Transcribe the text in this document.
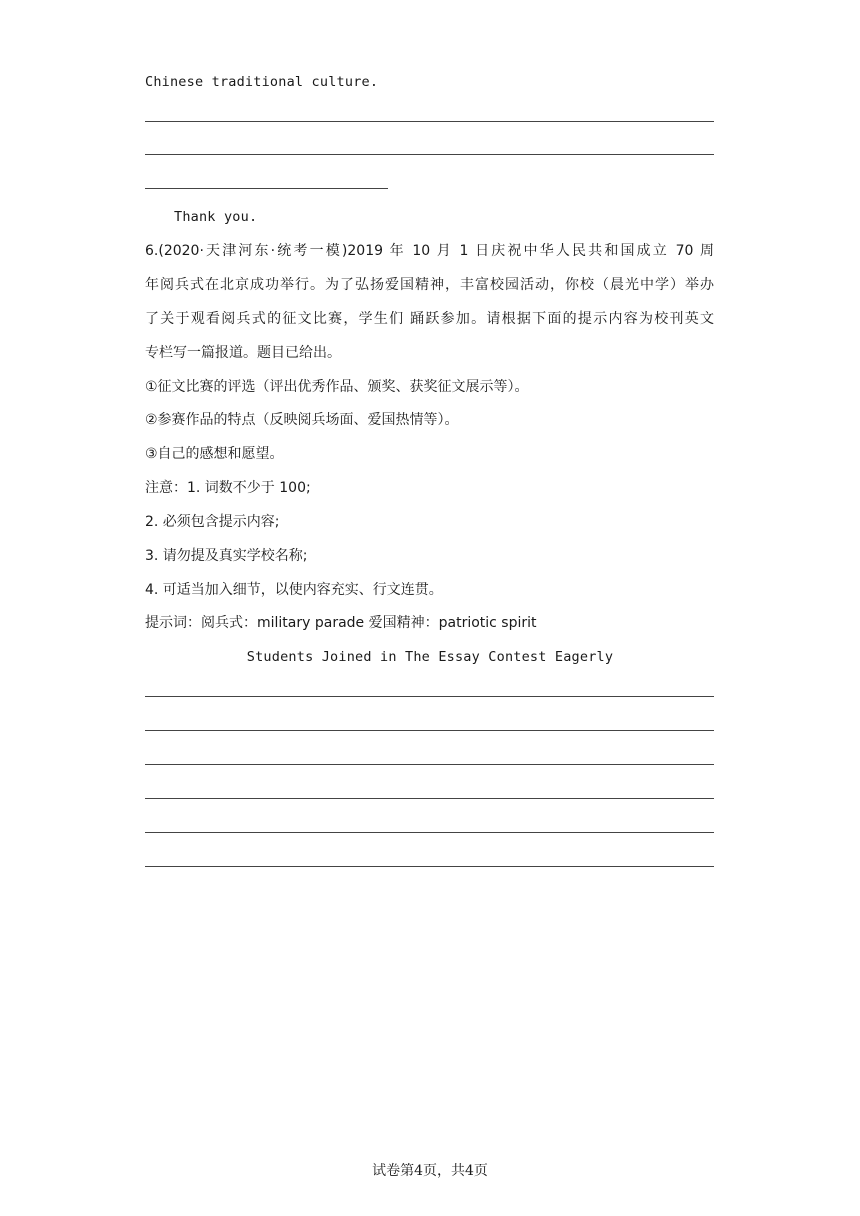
Chinese traditional culture.
Thank you.
6.(2020·天津河东·统考一模)2019 年 10 月 1 日庆祝中华人民共和国成立 70 周
年阅兵式在北京成功举行。为了弘扬爱国精神，丰富校园活动，你校（晨光中学）举办
了关于观看阅兵式的征文比赛，学生们 踊跃参加。请根据下面的提示内容为校刊英文
专栏写一篇报道。题目已给出。
①征文比赛的评选（评出优秀作品、颁奖、获奖征文展示等）。
②参赛作品的特点（反映阅兵场面、爱国热情等）。
③自己的感想和愿望。
注意：1. 词数不少于 100;
2. 必须包含提示内容;
3. 请勿提及真实学校名称;
4. 可适当加入细节，以使内容充实、行文连贯。
提示词：阅兵式：military parade 爱国精神：patriotic spirit
Students Joined in The Essay Contest Eagerly
试卷第4页，共4页
